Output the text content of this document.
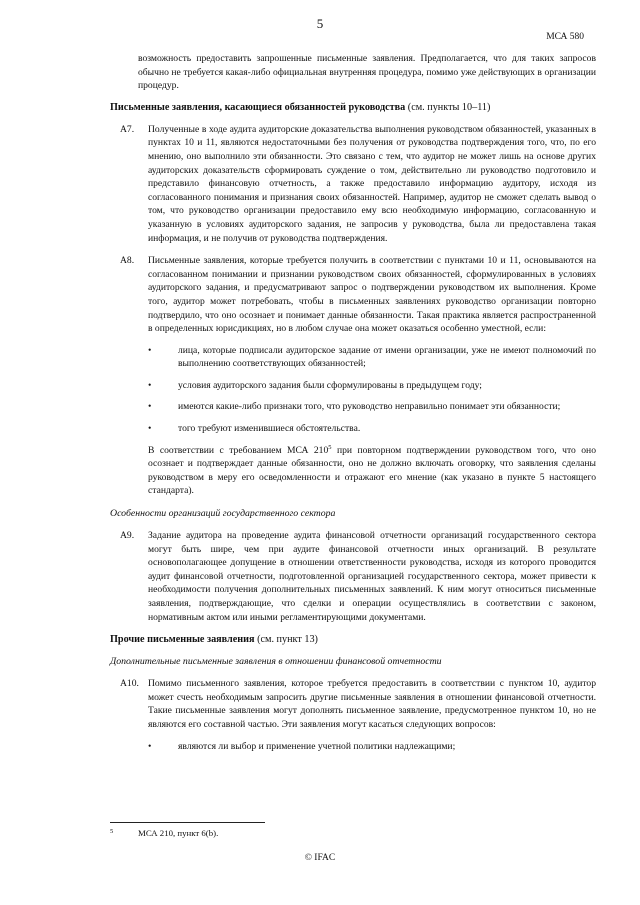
5
МСА 580

возможность предоставить запрошенные письменные заявления. Предполагается, что для таких запросов обычно не требуется какая-либо официальная внутренняя процедура, помимо уже действующих в организации процедур.

Письменные заявления, касающиеся обязанностей руководства (см. пункты 10–11)
A7.	Полученные в ходе аудита аудиторские доказательства выполнения руководством обязанностей, указанных в пунктах 10 и 11, являются недостаточными без получения от руководства подтверждения того, что, по его мнению, оно выполнило эти обязанности. Это связано с тем, что аудитор не может лишь на основе других аудиторских доказательств сформировать суждение о том, действительно ли руководство подготовило и представило финансовую отчетность, а также предоставило информацию аудитору, исходя из согласованного понимания и признания своих обязанностей. Например, аудитор не сможет сделать вывод о том, что руководство организации предоставило ему всю необходимую информацию, согласованную и указанную в условиях аудиторского задания, не запросив у руководства, была ли предоставлена такая информация, и не получив от руководства подтверждения.

A8.	Письменные заявления, которые требуется получить в соответствии с пунктами 10 и 11, основываются на согласованном понимании и признании руководством своих обязанностей, сформулированных в условиях аудиторского задания, и предусматривают запрос о подтверждении руководством их выполнения. Кроме того, аудитор может потребовать, чтобы в письменных заявлениях руководство организации повторно подтвердило, что оно осознает и понимает данные обязанности. Такая практика является распространенной в определенных юрисдикциях, но в любом случае она может оказаться особенно уместной, если:

•	лица, которые подписали аудиторское задание от имени организации, уже не имеют полномочий по выполнению соответствующих обязанностей;
•	условия аудиторского задания были сформулированы в предыдущем году;
•	имеются какие-либо признаки того, что руководство неправильно понимает эти обязанности;
•	того требуют изменившиеся обстоятельства.

В соответствии с требованием МСА $210^5$ при повторном подтверждении руководством того, что оно осознает и подтверждает данные обязанности, оно не должно включать оговорку, что заявления сделаны руководством в меру его осведомленности и отражают его мнение (как указано в пункте 5 настоящего стандарта).

Особенности организаций государственного сектора
A9.	Задание аудитора на проведение аудита финансовой отчетности организаций государственного сектора могут быть шире, чем при аудите финансовой отчетности иных организаций. В результате основополагающее допущение в отношении ответственности руководства, исходя из которого проводится аудит финансовой отчетности, подготовленной организацией государственного сектора, может привести к необходимости получения дополнительных письменных заявлений. К ним могут относиться письменные заявления, подтверждающие, что сделки и операции осуществлялись в соответствии с законом, нормативным актом или иными регламентирующими документами.

Прочие письменные заявления (см. пункт 13)
Дополнительные письменные заявления в отношении финансовой отчетности
A10. Помимо письменного заявления, которое требуется предоставить в соответствии с пунктом 10, аудитор может счесть необходимым запросить другие письменные заявления в отношении финансовой отчетности. Такие письменные заявления могут дополнять письменное заявление, предусмотренное пунктом 10, но не являются его составной частью. Эти заявления могут касаться следующих вопросов:

•	являются ли выбор и применение учетной политики надлежащими;
5	МСА 210, пункт 6(b).
© IFAC
